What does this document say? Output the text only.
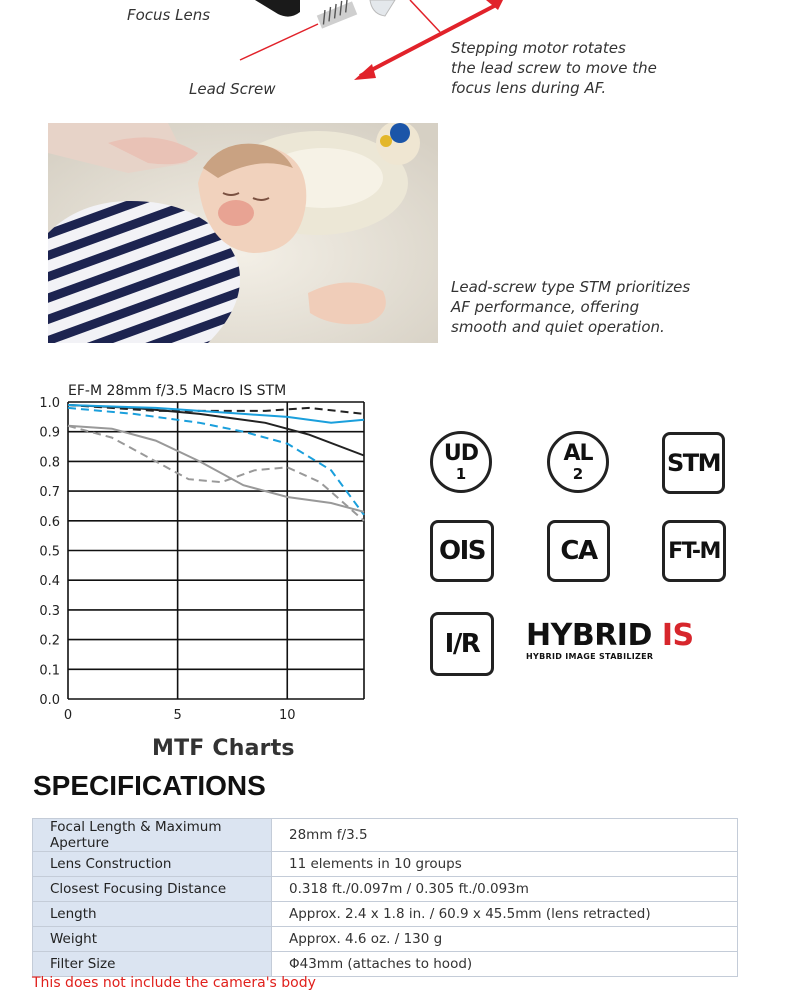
Focus Lens
Lead Screw
Stepping motor rotates
the lead screw to move the
focus lens during AF.
Lead-screw type STM prioritizes
AF performance, offering
smooth and quiet operation.
EF-M 28mm f/3.5 Macro IS STM
0.0
0.1
0.2
0.3
0.4
0.5
0.6
0.7
0.8
0.9
1.0
0	5	10
MTF Charts
UD
1
AL
2	STM
OIS	CA	FT-M
I/R HYBRID IS
HYBRID IMAGE STABILIZER
SPECIFICATIONS
Focal Length & Maximum Aperture	28mm f/3.5
Lens Construction	11 elements in 10 groups
Closest Focusing Distance	0.318 ft./0.097m / 0.305 ft./0.093m
Length	Approx. 2.4 x 1.8 in. / 60.9 x 45.5mm (lens retracted)
Weight	Approx. 4.6 oz. / 130 g
Filter Size	Φ43mm (attaches to hood)
This does not include the camera's body
